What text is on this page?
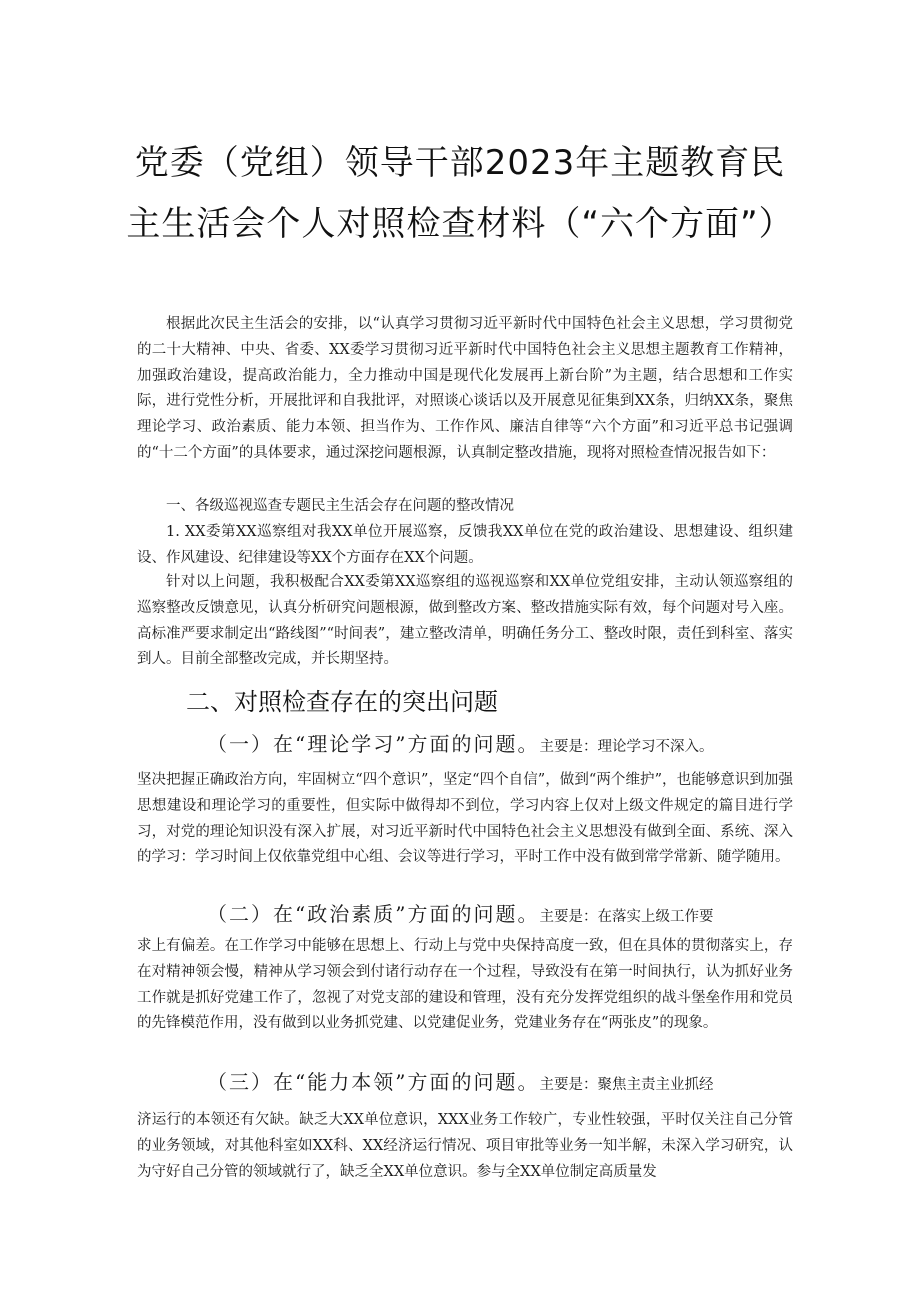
党委（党组）领导干部2023年主题教育民
主生活会个人对照检查材料（“六个方面”）

根据此次民主生活会的安排，以“认真学习贯彻习近平新时代中国特色社会主义思想，学习贯彻党的二十大精神、中央、省委、XX委学习贯彻习近平新时代中国特色社会主义思想主题教育工作精神，加强政治建设，提高政治能力，全力推动中国是现代化发展再上新台阶”为主题，结合思想和工作实际，进行党性分析，开展批评和自我批评，对照谈心谈话以及开展意见征集到XX条，归纳XX条，聚焦理论学习、政治素质、能力本领、担当作为、工作作风、廉洁自律等“六个方面”和习近平总书记强调的“十二个方面”的具体要求，通过深挖问题根源，认真制定整改措施，现将对照检查情况报告如下：

一、各级巡视巡查专题民主生活会存在问题的整改情况

1. XX委第XX巡察组对我XX单位开展巡察，反馈我XX单位在党的政治建设、思想建设、组织建设、作风建设、纪律建设等XX个方面存在XX个问题。

针对以上问题，我积极配合XX委第XX巡察组的巡视巡察和XX单位党组安排，主动认领巡察组的巡察整改反馈意见，认真分析研究问题根源，做到整改方案、整改措施实际有效，每个问题对号入座。高标准严要求制定出“路线图”“时间表”，建立整改清单，明确任务分工、整改时限，责任到科室、落实到人。目前全部整改完成，并长期坚持。

二、对照检查存在的突出问题
（一）在“理论学习”方面的问题。主要是：理论学习不深入。

坚决把握正确政治方向，牢固树立“四个意识”，坚定“四个自信”，做到“两个维护”，也能够意识到加强思想建设和理论学习的重要性，但实际中做得却不到位，学习内容上仅对上级文件规定的篇目进行学习，对党的理论知识没有深入扩展，对习近平新时代中国特色社会主义思想没有做到全面、系统、深入的学习：学习时间上仅依靠党组中心组、会议等进行学习，平时工作中没有做到常学常新、随学随用。

（二）在“政治素质”方面的问题。主要是：在落实上级工作要

求上有偏差。在工作学习中能够在思想上、行动上与党中央保持高度一致，但在具体的贯彻落实上，存在对精神领会慢，精神从学习领会到付诸行动存在一个过程，导致没有在第一时间执行，认为抓好业务工作就是抓好党建工作了，忽视了对党支部的建设和管理，没有充分发挥党组织的战斗堡垒作用和党员的先锋模范作用，没有做到以业务抓党建、以党建促业务，党建业务存在“两张皮”的现象。

（三）在“能力本领”方面的问题。主要是：聚焦主责主业抓经

济运行的本领还有欠缺。缺乏大XX单位意识，XXX业务工作较广，专业性较强，平时仅关注自己分管的业务领域，对其他科室如XX科、XX经济运行情况、项目审批等业务一知半解，未深入学习研究，认为守好自己分管的领域就行了，缺乏全XX单位意识。参与全XX单位制定高质量发
